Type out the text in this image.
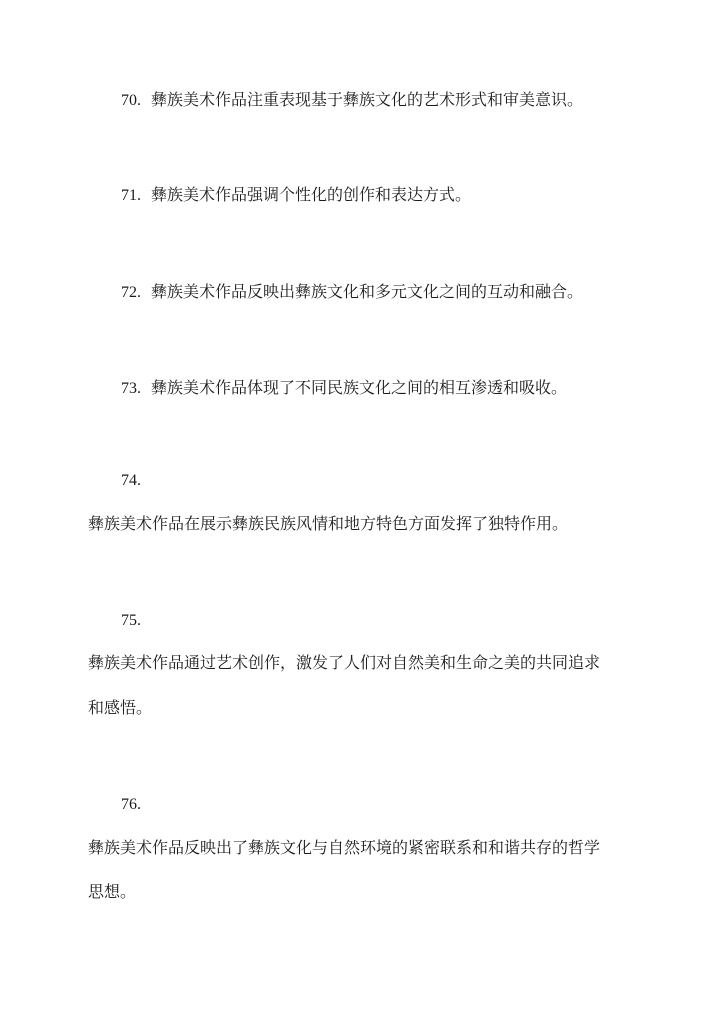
70. 彝族美术作品注重表现基于彝族文化的艺术形式和审美意识。
71. 彝族美术作品强调个性化的创作和表达方式。
72. 彝族美术作品反映出彝族文化和多元文化之间的互动和融合。
73. 彝族美术作品体现了不同民族文化之间的相互渗透和吸收。
74.
彝族美术作品在展示彝族民族风情和地方特色方面发挥了独特作用。
75.
彝族美术作品通过艺术创作，激发了人们对自然美和生命之美的共同追求
和感悟。
76.
彝族美术作品反映出了彝族文化与自然环境的紧密联系和和谐共存的哲学
思想。
